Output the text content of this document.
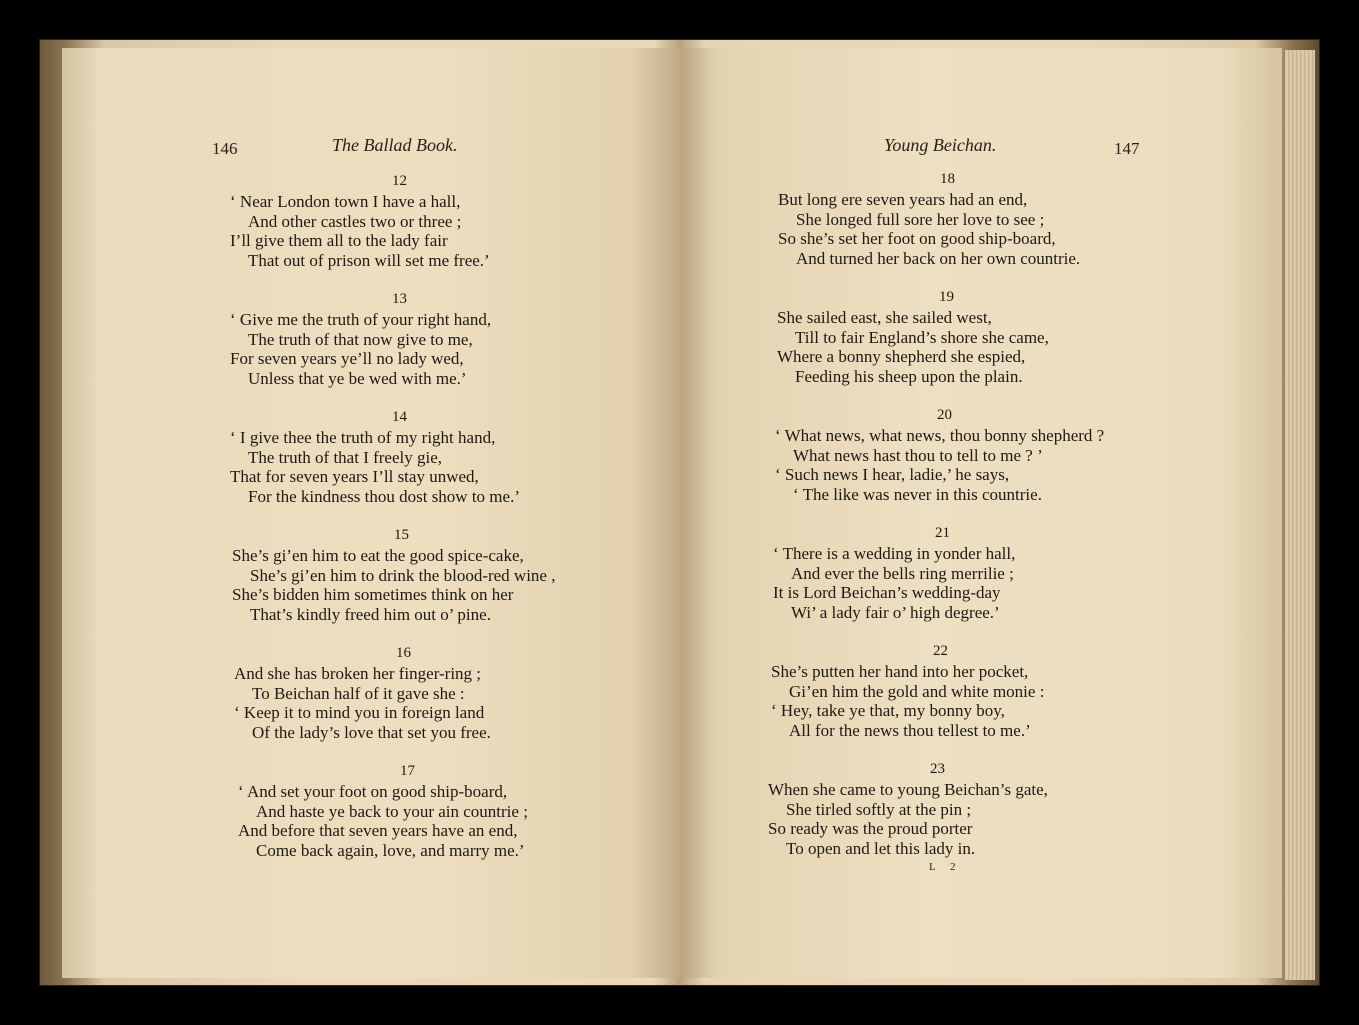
146	The Ballad Book.
12
‘ Near London town I have a hall,
And other castles two or three ;
I’ll give them all to the lady fair
That out of prison will set me free.’
13
‘ Give me the truth of your right hand,
The truth of that now give to me,
For seven years ye’ll no lady wed,
Unless that ye be wed with me.’
14
‘ I give thee the truth of my right hand,
The truth of that I freely gie,
That for seven years I’ll stay unwed,
For the kindness thou dost show to me.’
15
She’s gi’en him to eat the good spice-cake,
She’s gi’en him to drink the blood-red wine ,
She’s bidden him sometimes think on her
That’s kindly freed him out o’ pine.
16
And she has broken her finger-ring ;
To Beichan half of it gave she :
‘ Keep it to mind you in foreign land
Of the lady’s love that set you free.
17
‘ And set your foot on good ship-board,
And haste ye back to your ain countrie ;
And before that seven years have an end,
Come back again, love, and marry me.’
Young Beichan.	147
18
But long ere seven years had an end,
She longed full sore her love to see ;
So she’s set her foot on good ship-board,
And turned her back on her own countrie.
19
She sailed east, she sailed west,
Till to fair England’s shore she came,
Where a bonny shepherd she espied,
Feeding his sheep upon the plain.
20
‘ What news, what news, thou bonny shepherd ?
What news hast thou to tell to me ? ’
‘ Such news I hear, ladie,’ he says,
‘ The like was never in this countrie.
21
‘ There is a wedding in yonder hall,
And ever the bells ring merrilie ;
It is Lord Beichan’s wedding-day
Wi’ a lady fair o’ high degree.’
22
She’s putten her hand into her pocket,
Gi’en him the gold and white monie :
‘ Hey, take ye that, my bonny boy,
All for the news thou tellest to me.’
23
When she came to young Beichan’s gate,
She tirled softly at the pin ;
So ready was the proud porter
To open and let this lady in.
L 2
